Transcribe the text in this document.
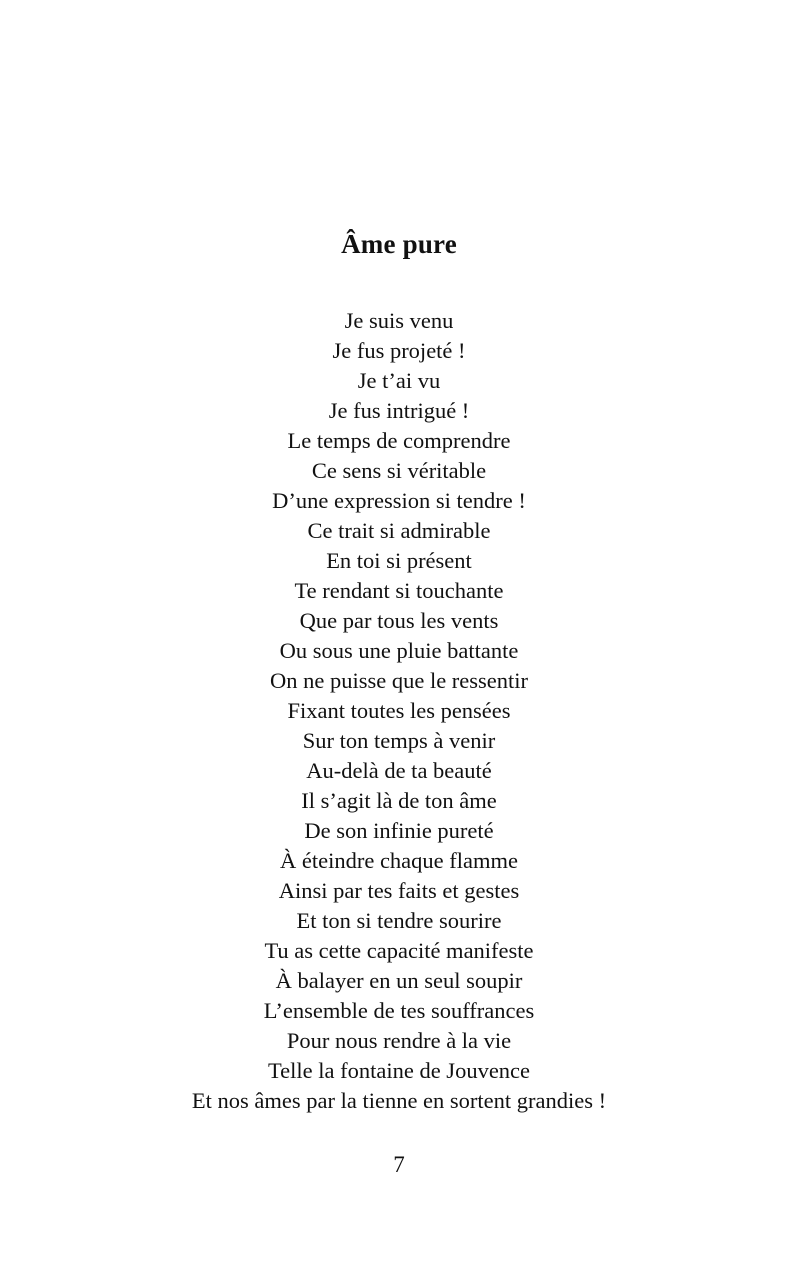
Âme pure
Je suis venu
Je fus projeté !
Je t’ai vu
Je fus intrigué !
Le temps de comprendre
Ce sens si véritable
D’une expression si tendre !
Ce trait si admirable
En toi si présent
Te rendant si touchante
Que par tous les vents
Ou sous une pluie battante
On ne puisse que le ressentir
Fixant toutes les pensées
Sur ton temps à venir
Au-delà de ta beauté
Il s’agit là de ton âme
De son infinie pureté
À éteindre chaque flamme
Ainsi par tes faits et gestes
Et ton si tendre sourire
Tu as cette capacité manifeste
À balayer en un seul soupir
L’ensemble de tes souffrances
Pour nous rendre à la vie
Telle la fontaine de Jouvence
Et nos âmes par la tienne en sortent grandies !
7
